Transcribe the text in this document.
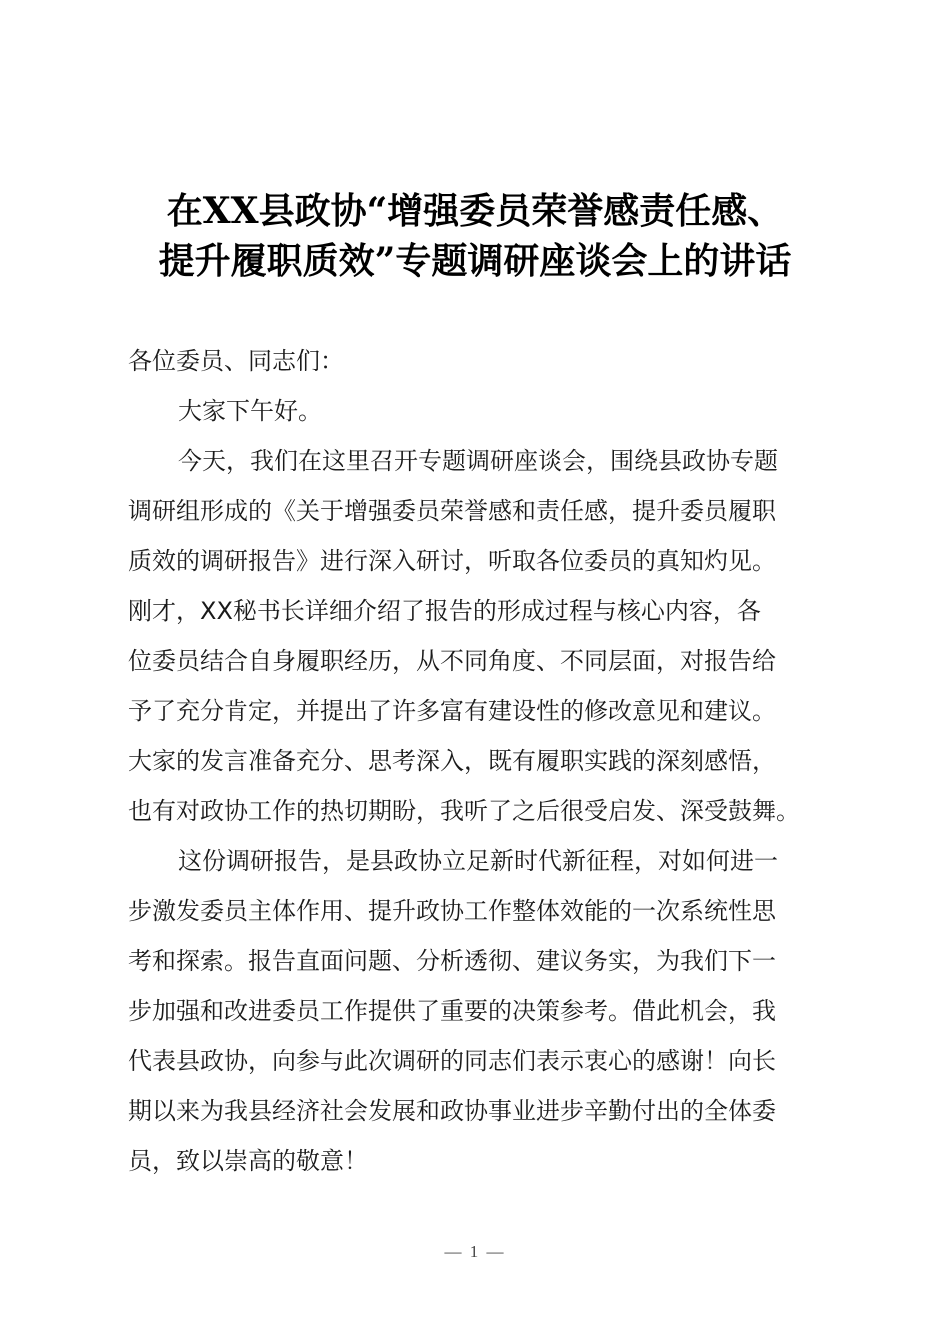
在XX县政协“增强委员荣誉感责任感、
提升履职质效”专题调研座谈会上的讲话
各位委员、同志们：
大家下午好。
今天，我们在这里召开专题调研座谈会，围绕县政协专题
调研组形成的《关于增强委员荣誉感和责任感，提升委员履职
质效的调研报告》进行深入研讨，听取各位委员的真知灼见。
刚才，XX秘书长详细介绍了报告的形成过程与核心内容，各
位委员结合自身履职经历，从不同角度、不同层面，对报告给
予了充分肯定，并提出了许多富有建设性的修改意见和建议。
大家的发言准备充分、思考深入，既有履职实践的深刻感悟，
也有对政协工作的热切期盼，我听了之后很受启发、深受鼓舞。
这份调研报告，是县政协立足新时代新征程，对如何进一
步激发委员主体作用、提升政协工作整体效能的一次系统性思
考和探索。报告直面问题、分析透彻、建议务实，为我们下一
步加强和改进委员工作提供了重要的决策参考。借此机会，我
代表县政协，向参与此次调研的同志们表示衷心的感谢！向长
期以来为我县经济社会发展和政协事业进步辛勤付出的全体委
员，致以崇高的敬意！
— 1 —
